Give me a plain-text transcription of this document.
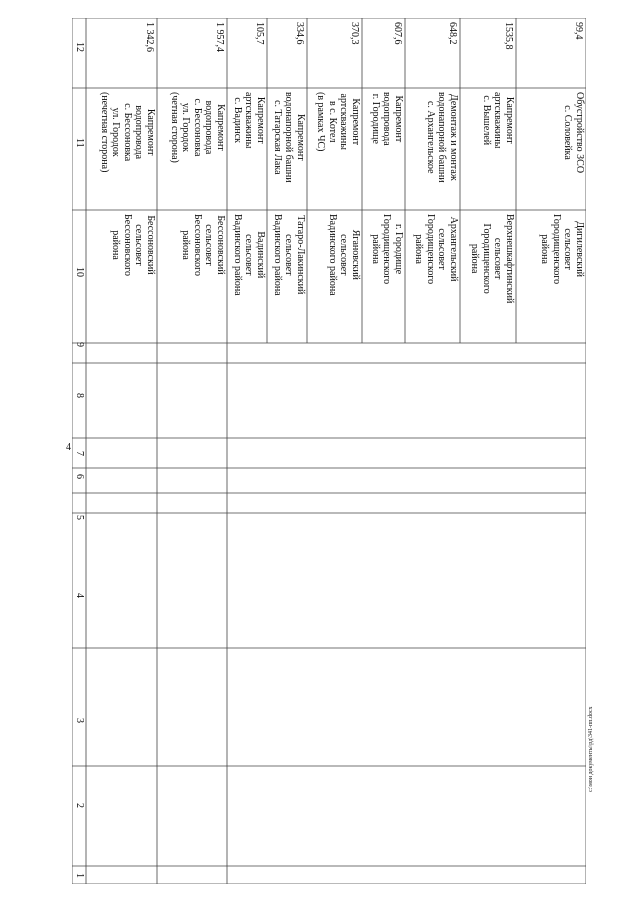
4
c:\мои документы\рд\341-пп.docx
1
2
3
4
5
6
7
8
9
10
11
12
Бессоновский
сельсовет
Бессоновского
района
Капремонт
водопровода
с. Бессоновка
ул. Городок
(нечетная сторона)
1 342,6
Бессоновский
сельсовет
Бессоновского
района
Капремонт
водопровода
с. Бессоновка
ул. Городок
(четная сторона)
1 957,4
Вадинский
сельсовет
Вадинского района
Капремонт
артскважины
с. Вадинск
105,7
Татаро-Лакинский
сельсовет
Вадинского района
Капремонт
водонапорной башни
с. Татарская Лака
334,6
Ягановский
сельсовет
Вадинского района
Капремонт
артскважины
в с. Котел
(в рамках ЧС)
370,3
г. Городище
Городищенского
района
Капремонт
водопровода
г. Городище
607,6
Архангельский
сельсовет
Городищенского
района
Демонтаж и монтаж
водонапорной башни
с. Архангельское
648,2
Верхнешкафтинский
сельсовет
Городищенского
района
Капремонт
артскважины
с. Вышелей
1535,8
Дигилевский
сельсовет
Городищенского
района
Обустройство ЗСО
с. Соловейка
99,4
